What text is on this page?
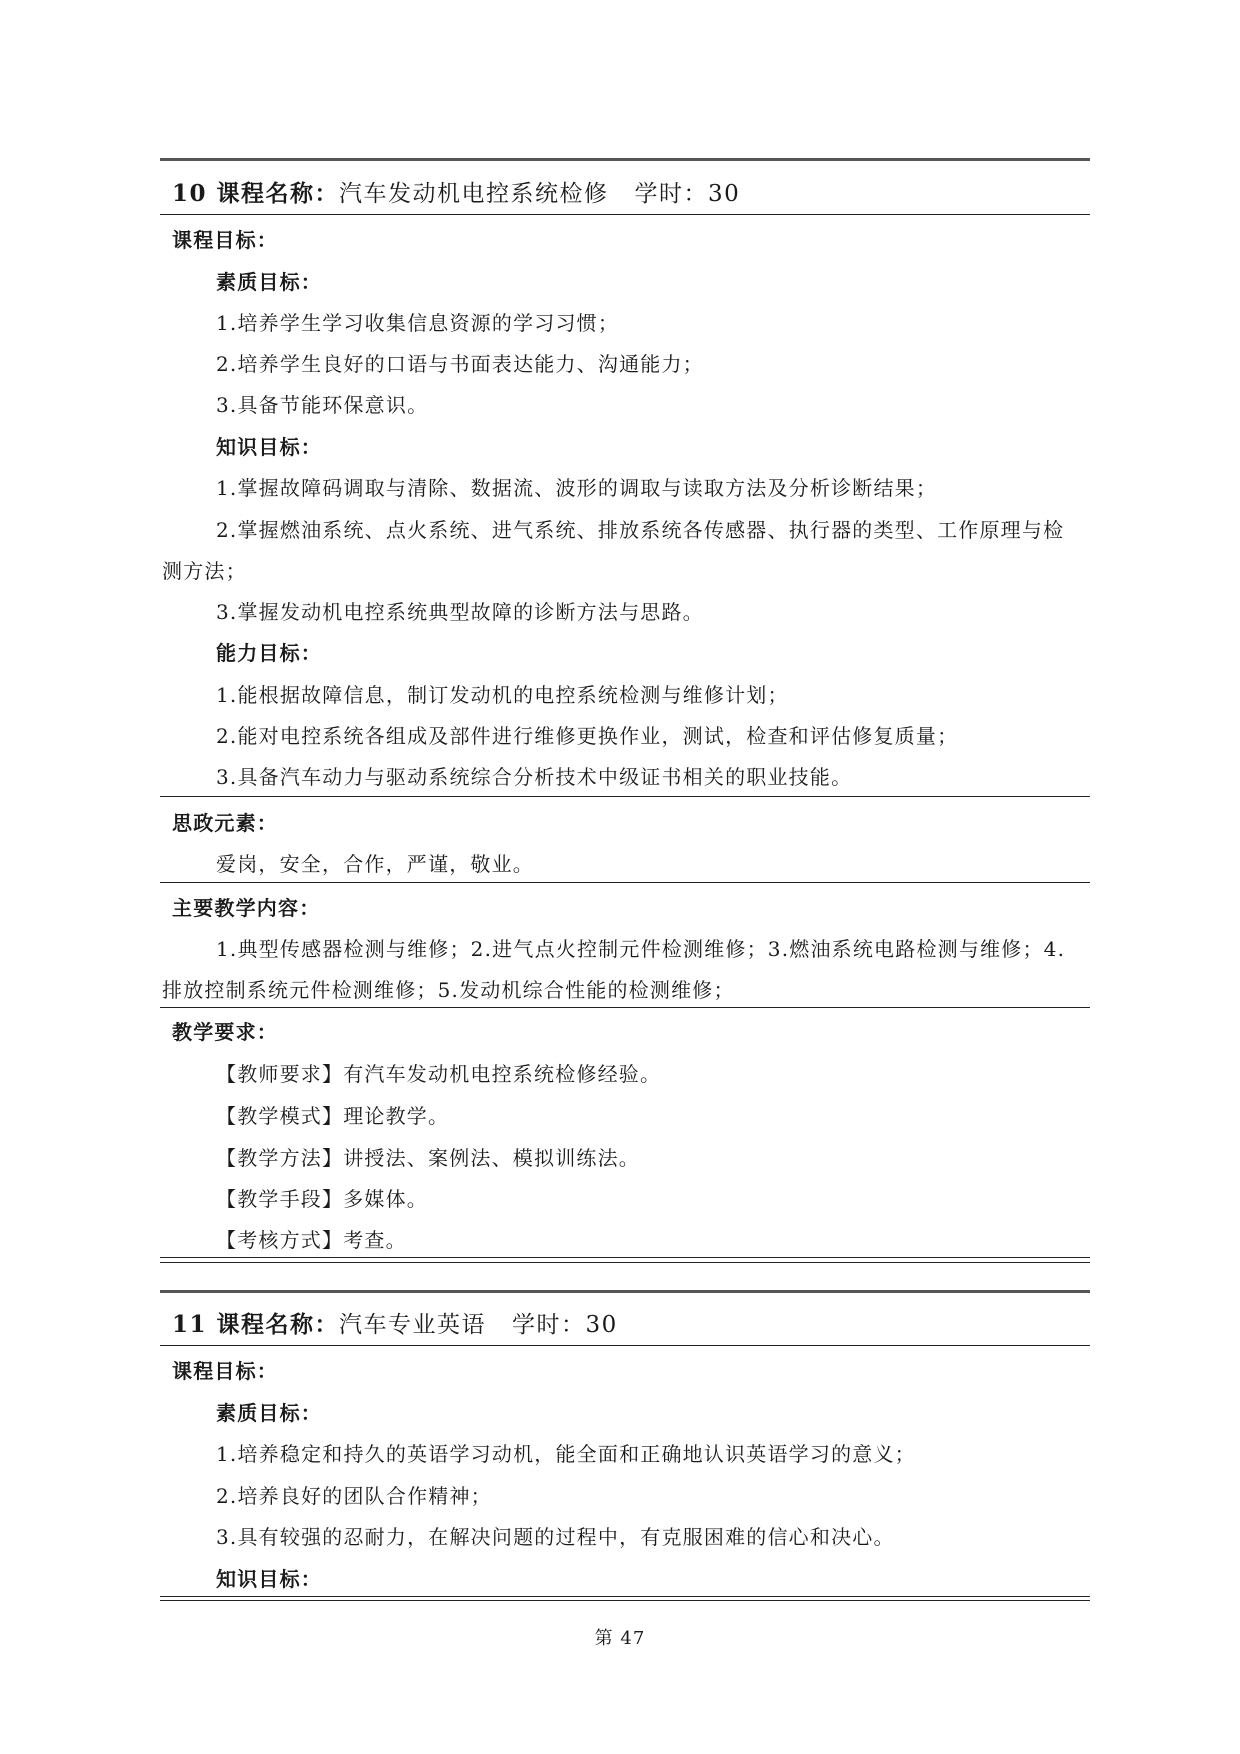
10 课程名称：汽车发动机电控系统检修 学时：30
课程目标：
素质目标：
1.培养学生学习收集信息资源的学习习惯；
2.培养学生良好的口语与书面表达能力、沟通能力；
3.具备节能环保意识。
知识目标：
1.掌握故障码调取与清除、数据流、波形的调取与读取方法及分析诊断结果；
2.掌握燃油系统、点火系统、进气系统、排放系统各传感器、执行器的类型、工作原理与检
测方法；
3.掌握发动机电控系统典型故障的诊断方法与思路。
能力目标：
1.能根据故障信息，制订发动机的电控系统检测与维修计划；
2.能对电控系统各组成及部件进行维修更换作业，测试，检查和评估修复质量；
3.具备汽车动力与驱动系统综合分析技术中级证书相关的职业技能。
思政元素：
爱岗，安全，合作，严谨，敬业。
主要教学内容：
1.典型传感器检测与维修；2.进气点火控制元件检测维修；3.燃油系统电路检测与维修；4.
排放控制系统元件检测维修；5.发动机综合性能的检测维修；
教学要求：
【教师要求】有汽车发动机电控系统检修经验。
【教学模式】理论教学。
【教学方法】讲授法、案例法、模拟训练法。
【教学手段】多媒体。
【考核方式】考查。
11 课程名称：汽车专业英语 学时：30
课程目标：
素质目标：
1.培养稳定和持久的英语学习动机，能全面和正确地认识英语学习的意义；
2.培养良好的团队合作精神；
3.具有较强的忍耐力，在解决问题的过程中，有克服困难的信心和决心。
知识目标：
第 47
